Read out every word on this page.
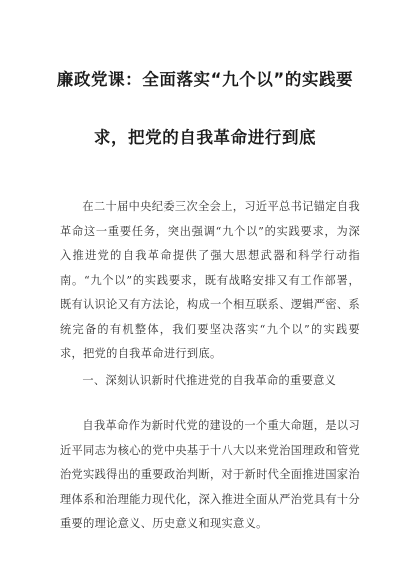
廉政党课：全面落实“九个以”的实践要
求，把党的自我革命进行到底

在二十届中央纪委三次全会上，习近平总书记锚定自我革命这一重要任务，突出强调“九个以”的实践要求，为深入推进党的自我革命提供了强大思想武器和科学行动指南。“九个以”的实践要求，既有战略安排又有工作部署，既有认识论又有方法论，构成一个相互联系、逻辑严密、系统完备的有机整体，我们要坚决落实“九个以”的实践要求，把党的自我革命进行到底。

一、深刻认识新时代推进党的自我革命的重要意义

自我革命作为新时代党的建设的一个重大命题，是以习近平同志为核心的党中央基于十八大以来党治国理政和管党治党实践得出的重要政治判断，对于新时代全面推进国家治理体系和治理能力现代化，深入推进全面从严治党具有十分重要的理论意义、历史意义和现实意义。
